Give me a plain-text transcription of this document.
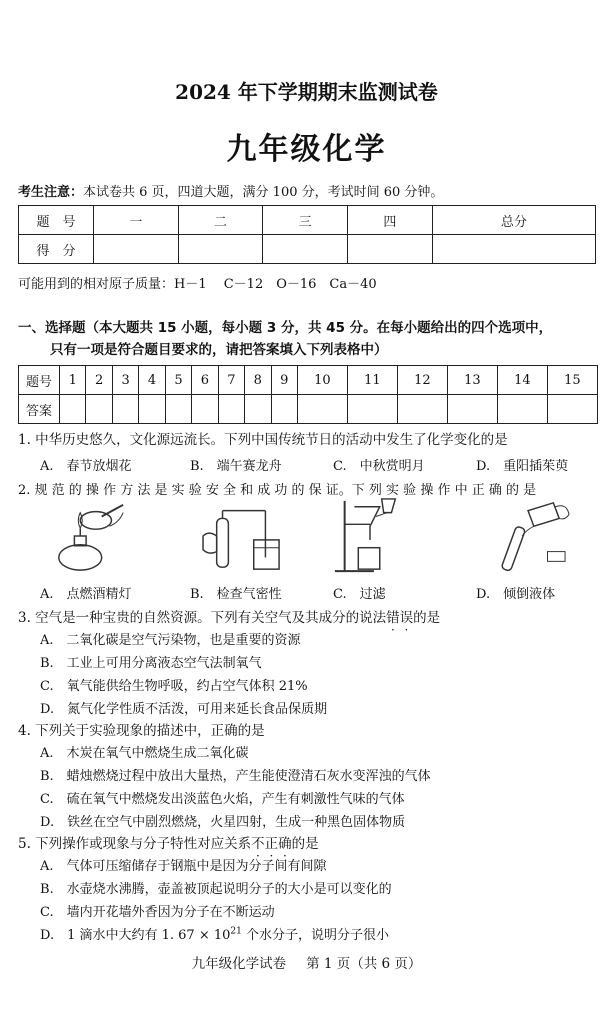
2024 年下学期期末监测试卷
九年级化学
考生注意：本试卷共 6 页，四道大题，满分 100 分，考试时间 60 分钟。
题　号	一	二	三	四	总分
得　分					
可能用到的相对原子质量：H－1　 C－12　O－16　Ca－40
一、选择题（本大题共 15 小题，每小题 3 分，共 45 分。在每小题给出的四个选项中，
只有一项是符合题目要求的，请把答案填入下列表格中）
题号	1	2	3	4	5	6	7	8	9	10	11	12	13	14	15
答案															
1. 中华历史悠久，文化源远流长。下列中国传统节日的活动中发生了化学变化的是
A.　春节放烟花	B.　端午赛龙舟	C.　中秋赏明月	D.　重阳插茱萸
2. 规 范 的 操 作 方 法 是 实 验 安 全 和 成 功 的 保 证。下 列 实 验 操 作 中 正 确 的 是
A.　点燃酒精灯	B.　检查气密性	C.　过滤	D.　倾倒液体
3. 空气是一种宝贵的自然资源。下列有关空气及其成分的说法错误的是
A.　二氧化碳是空气污染物，也是重要的资源
B.　工业上可用分离液态空气法制氧气
C.　氧气能供给生物呼吸，约占空气体积 21%
D.　氮气化学性质不活泼，可用来延长食品保质期
4. 下列关于实验现象的描述中，正确的是
A.　木炭在氧气中燃烧生成二氧化碳
B.　蜡烛燃烧过程中放出大量热，产生能使澄清石灰水变浑浊的气体
C.　硫在氧气中燃烧发出淡蓝色火焰，产生有刺激性气味的气体
D.　铁丝在空气中剧烈燃烧，火星四射，生成一种黑色固体物质
5. 下列操作或现象与分子特性对应关系不正确的是
A.　气体可压缩储存于钢瓶中是因为分子间有间隙
B.　水壶烧水沸腾，壶盖被顶起说明分子的大小是可以变化的
C.　墙内开花墙外香因为分子在不断运动
D.　1 滴水中大约有 1. $67 \times 10^{21}$ 个水分子，说明分子很小
九年级化学试卷 第 1 页（共 6 页）
